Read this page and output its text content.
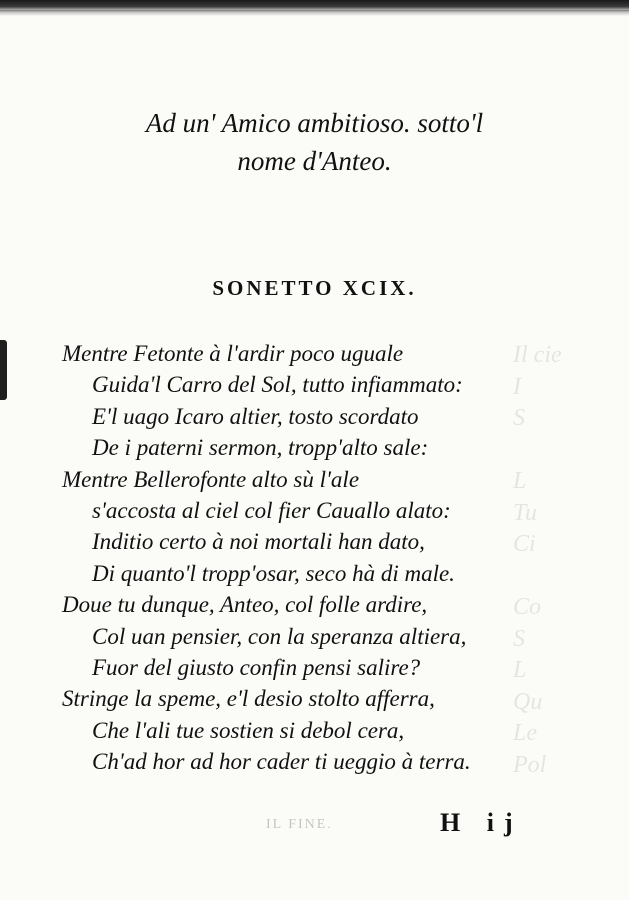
Il cie
I
S

L
Tu
Ci

Co
S
L
Qu
Le
Pol
IL FINE.
Ad un' Amico ambitioso. sotto'l
nome d'Anteo.
SONETTO XCIX.
Mentre Fetonte à l'ardir poco uguale
Guida'l Carro del Sol, tutto infiammato:
E'l uago Icaro altier, tosto scordato
De i paterni sermon, tropp'alto sale:
Mentre Bellerofonte alto sù l'ale
s'accosta al ciel col fier Cauallo alato:
Inditio certo à noi mortali han dato,
Di quanto'l tropp'osar, seco hà di male.
Doue tu dunque, Anteo, col folle ardire,
Col uan pensier, con la speranza altiera,
Fuor del giusto confin pensi salire?
Stringe la speme, e'l desio stolto afferra,
Che l'ali tue sostien si debol cera,
Ch'ad hor ad hor cader ti ueggio à terra.
H ij
